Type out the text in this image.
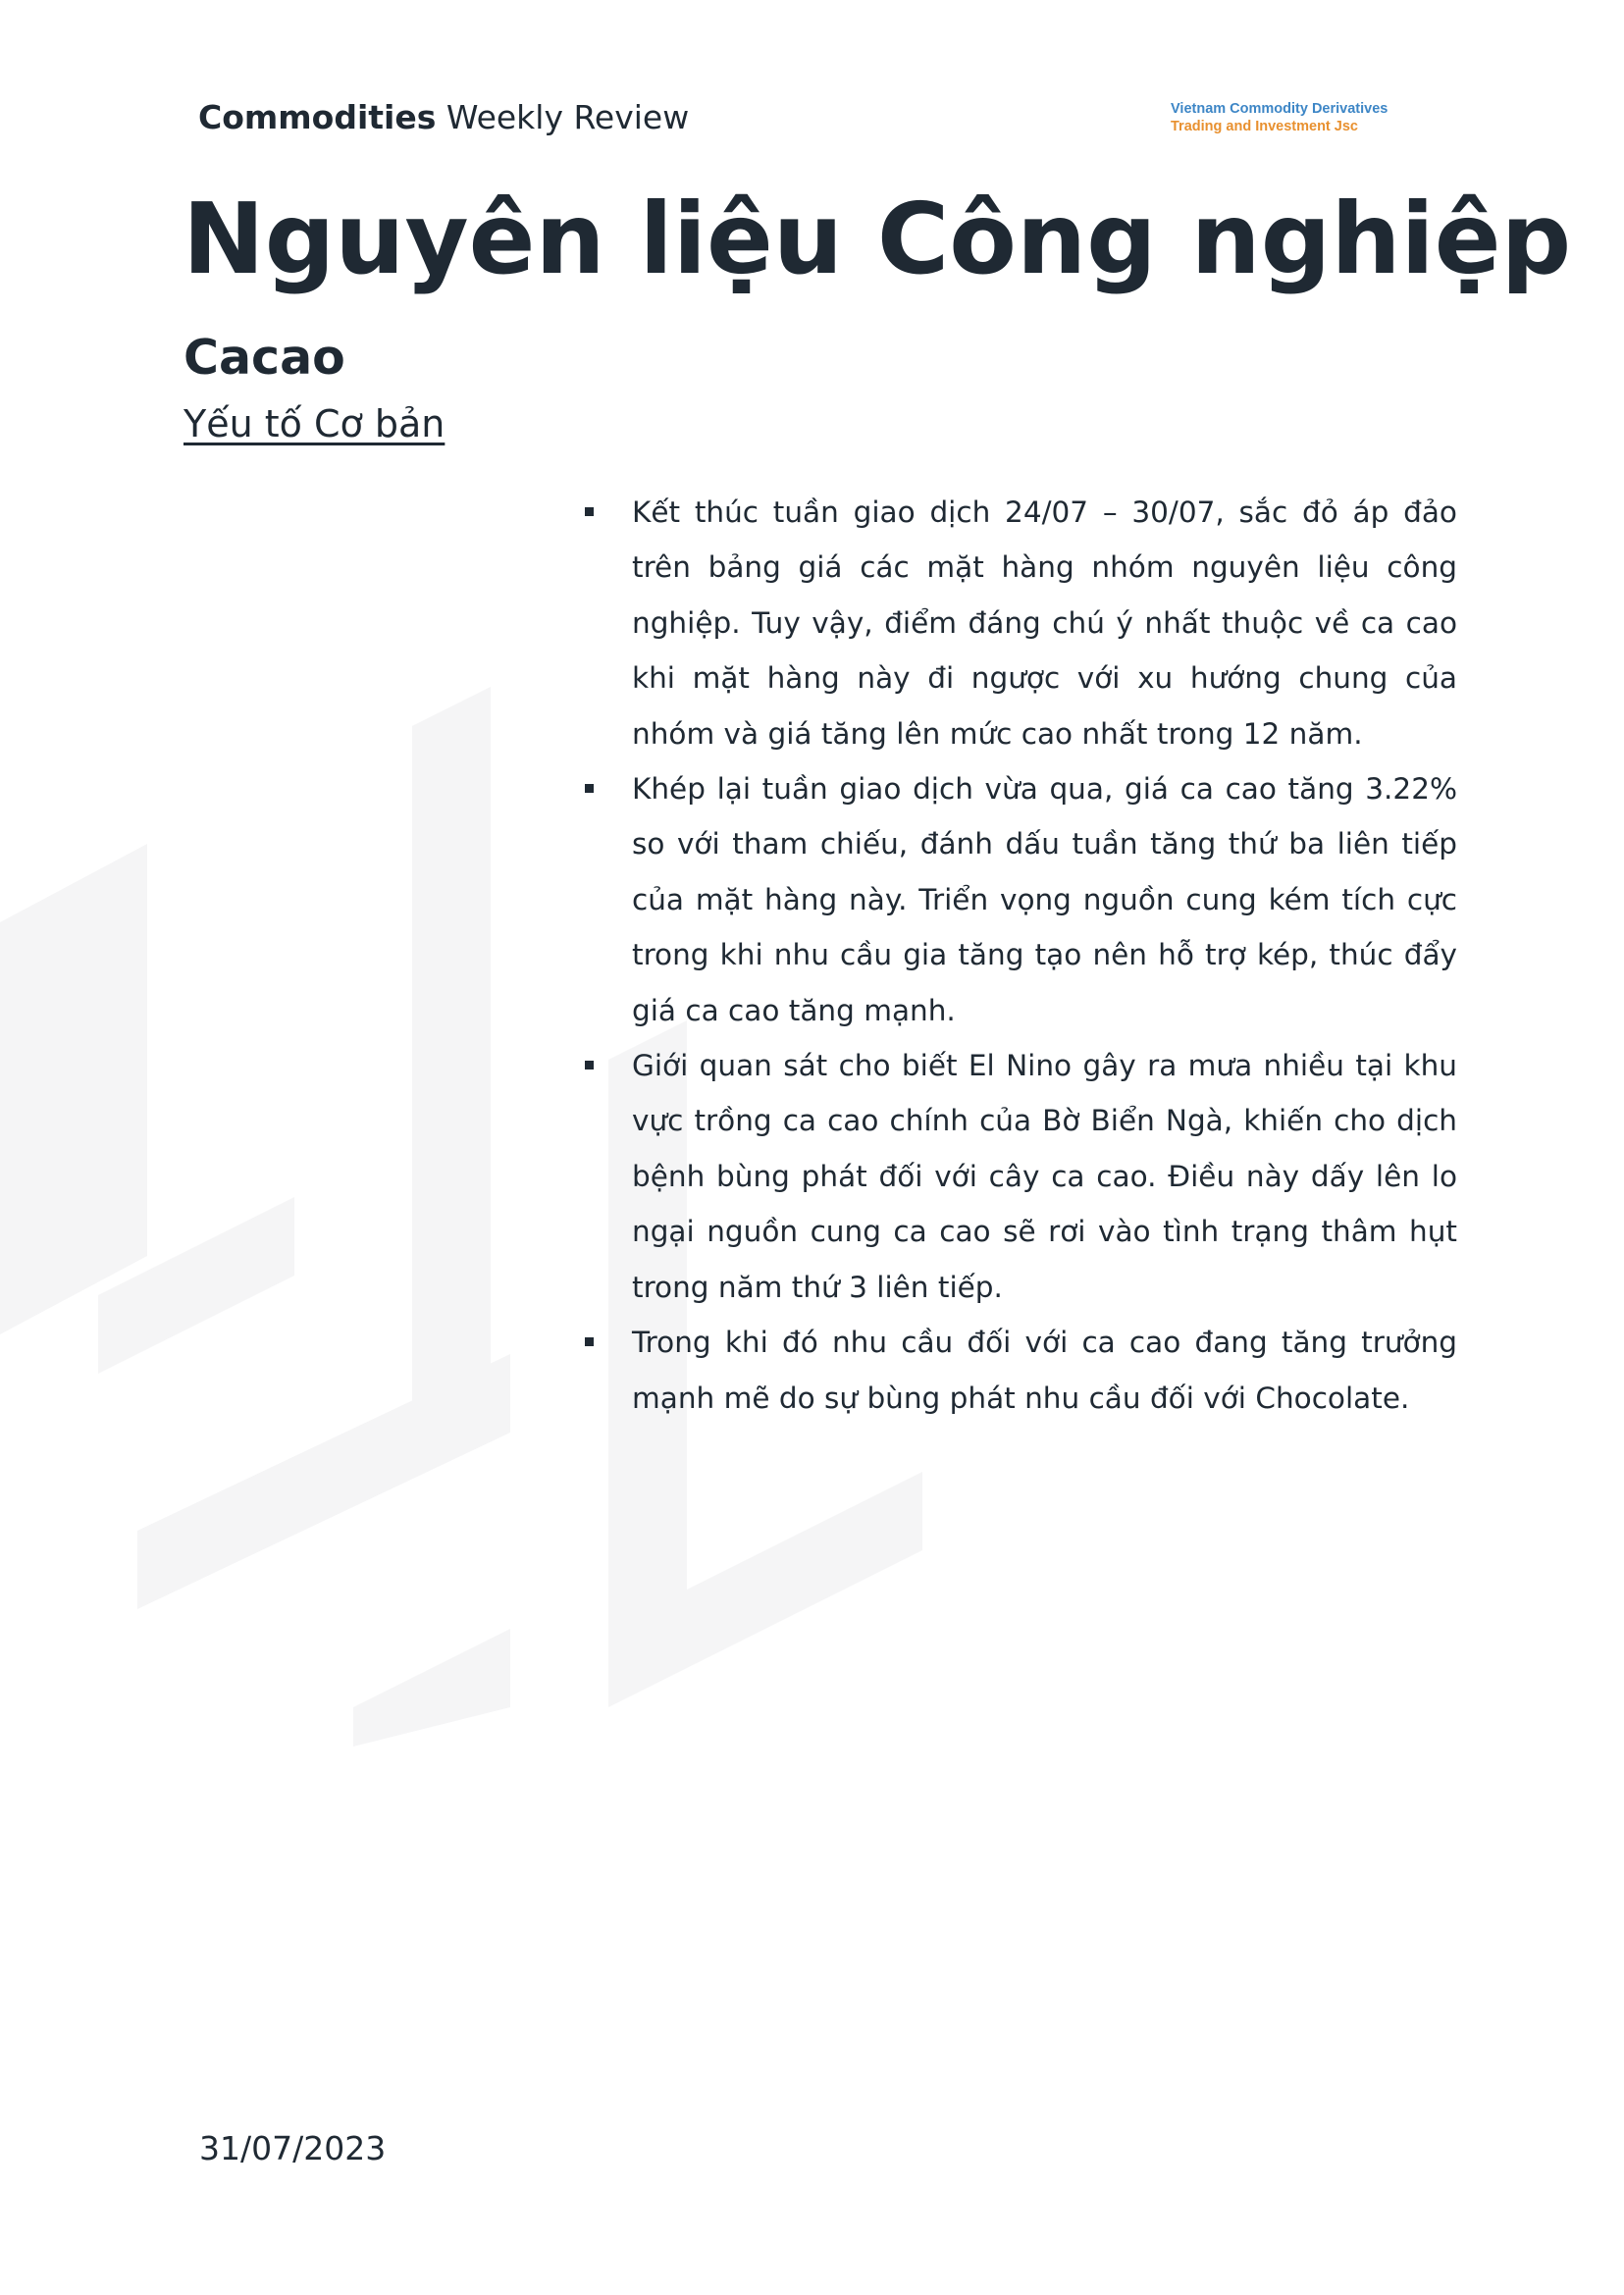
Commodities Weekly Review	Vietnam Commodity Derivatives
Trading and Investment Jsc
Nguyên liệu Công nghiệp
Cacao
Yếu tố Cơ bản
Kết thúc tuần giao dịch 24/07 – 30/07, sắc đỏ áp đảo trên bảng giá các mặt hàng nhóm nguyên liệu công nghiệp. Tuy vậy, điểm đáng chú ý nhất thuộc về ca cao khi mặt hàng này đi ngược với xu hướng chung của nhóm và giá tăng lên mức cao nhất trong 12 năm.
Khép lại tuần giao dịch vừa qua, giá ca cao tăng 3.22% so với tham chiếu, đánh dấu tuần tăng thứ ba liên tiếp của mặt hàng này. Triển vọng nguồn cung kém tích cực trong khi nhu cầu gia tăng tạo nên hỗ trợ kép, thúc đẩy giá ca cao tăng mạnh.
Giới quan sát cho biết El Nino gây ra mưa nhiều tại khu vực trồng ca cao chính của Bờ Biển Ngà, khiến cho dịch bệnh bùng phát đối với cây ca cao. Điều này dấy lên lo ngại nguồn cung ca cao sẽ rơi vào tình trạng thâm hụt trong năm thứ 3 liên tiếp.
Trong khi đó nhu cầu đối với ca cao đang tăng trưởng mạnh mẽ do sự bùng phát nhu cầu đối với Chocolate.
31/07/2023
